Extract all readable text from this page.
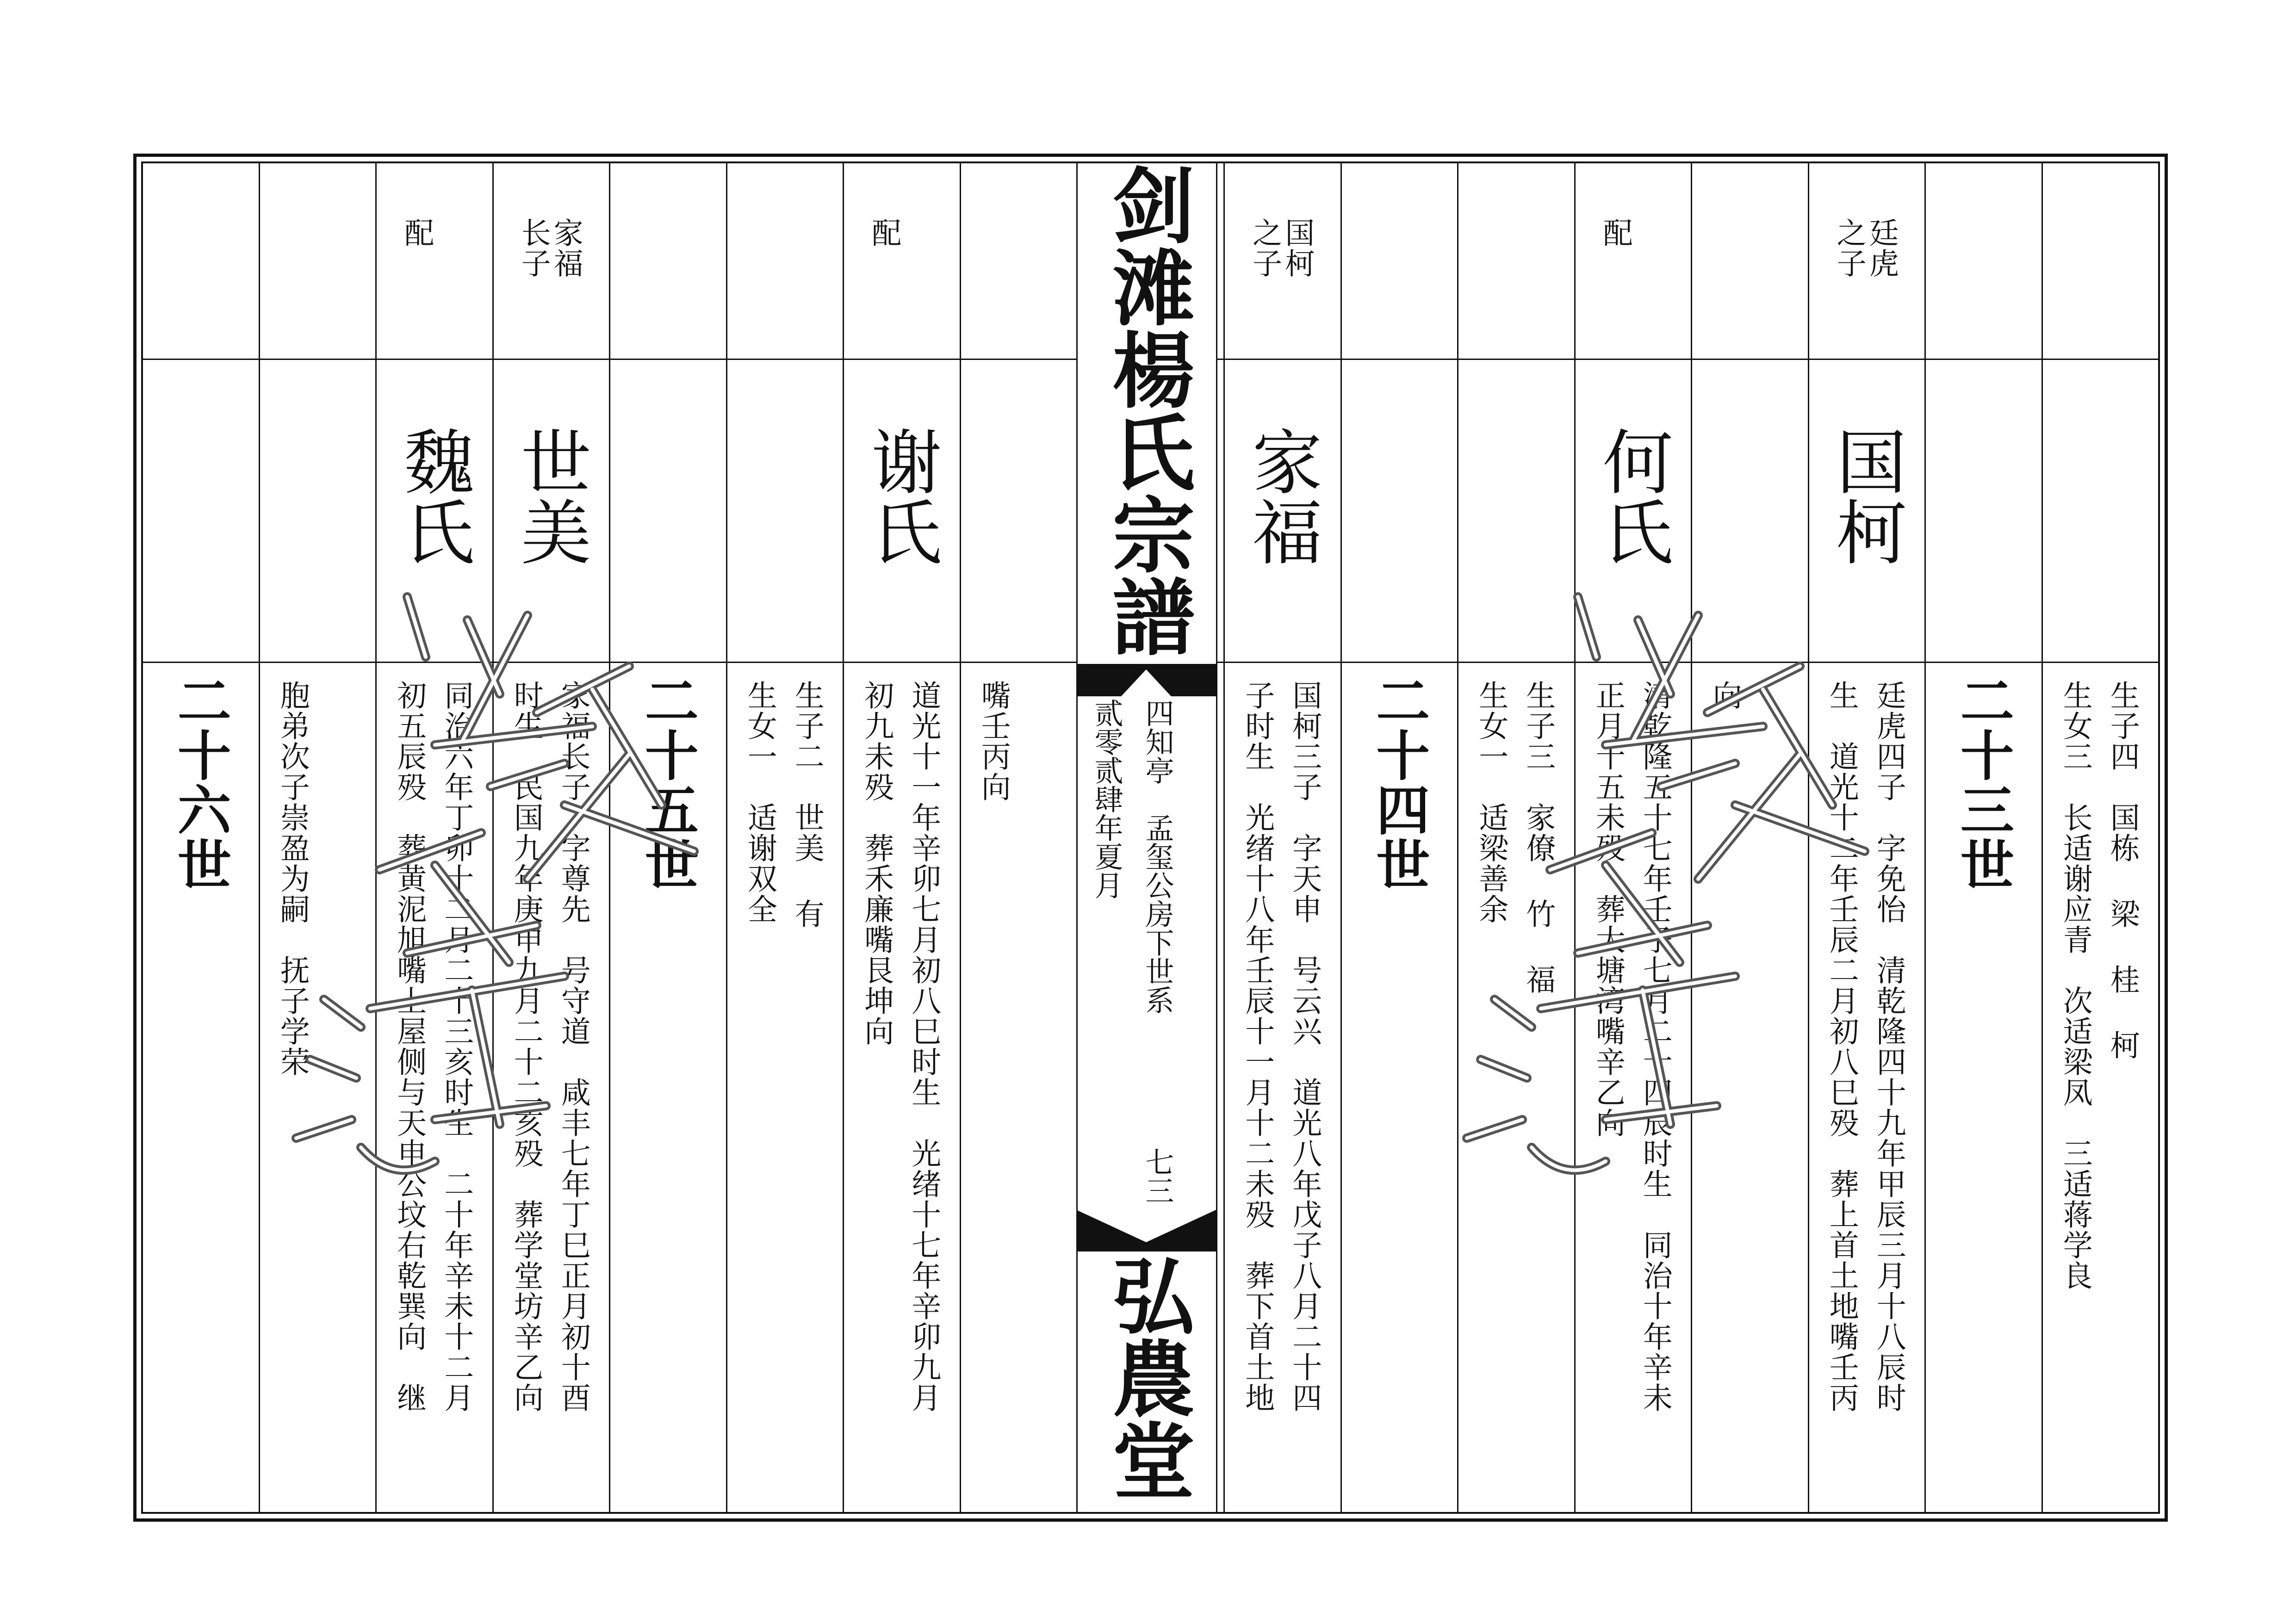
生子四　国栋 梁 桂 柯
生女三　长适谢应青　次适梁凤　三适蒋学良
二十三世
廷虎
之子
国柯
廷虎四子　字免怡　清乾隆四十九年甲辰三月十八辰时
生　道光十二年壬辰二月初八巳殁　葬上首土地嘴壬丙
向
配
何氏
清乾隆五十七年壬子七月二十四辰时生　同治十年辛未
正月十五未殁　葬大塘湾嘴辛乙向
生子三　家僚 竹 福
生女一　适梁善余
二十四世
国柯
之子
家福
国柯三子　字天申　号云兴　道光八年戊子八月二十四
子时生　光绪十八年壬辰十一月十二未殁　葬下首土地
嘴壬丙向
配
谢氏
道光十一年辛卯七月初八巳时生　光绪十七年辛卯九月
初九未殁　葬禾廉嘴艮坤向
生子二　世美 有
生女一　适谢双全
二十五世
家福
长子
世美
家福长子　字尊先　号守道　咸丰七年丁巳正月初十酉
时生　民国九年庚申九月二十二亥殁　葬学堂坊辛乙向
配
魏氏
同治六年丁卯十二月二十三亥时生　二十年辛未十二月
初五辰殁　葬黄泥旭嘴上屋侧与天申公坟右乾巽向　继
胞弟次子崇盈为嗣　抚子学荣
二十六世
剑滩楊氏宗譜
四知亭　孟玺公房下世系
七三
贰零贰肆年夏月
弘農堂
